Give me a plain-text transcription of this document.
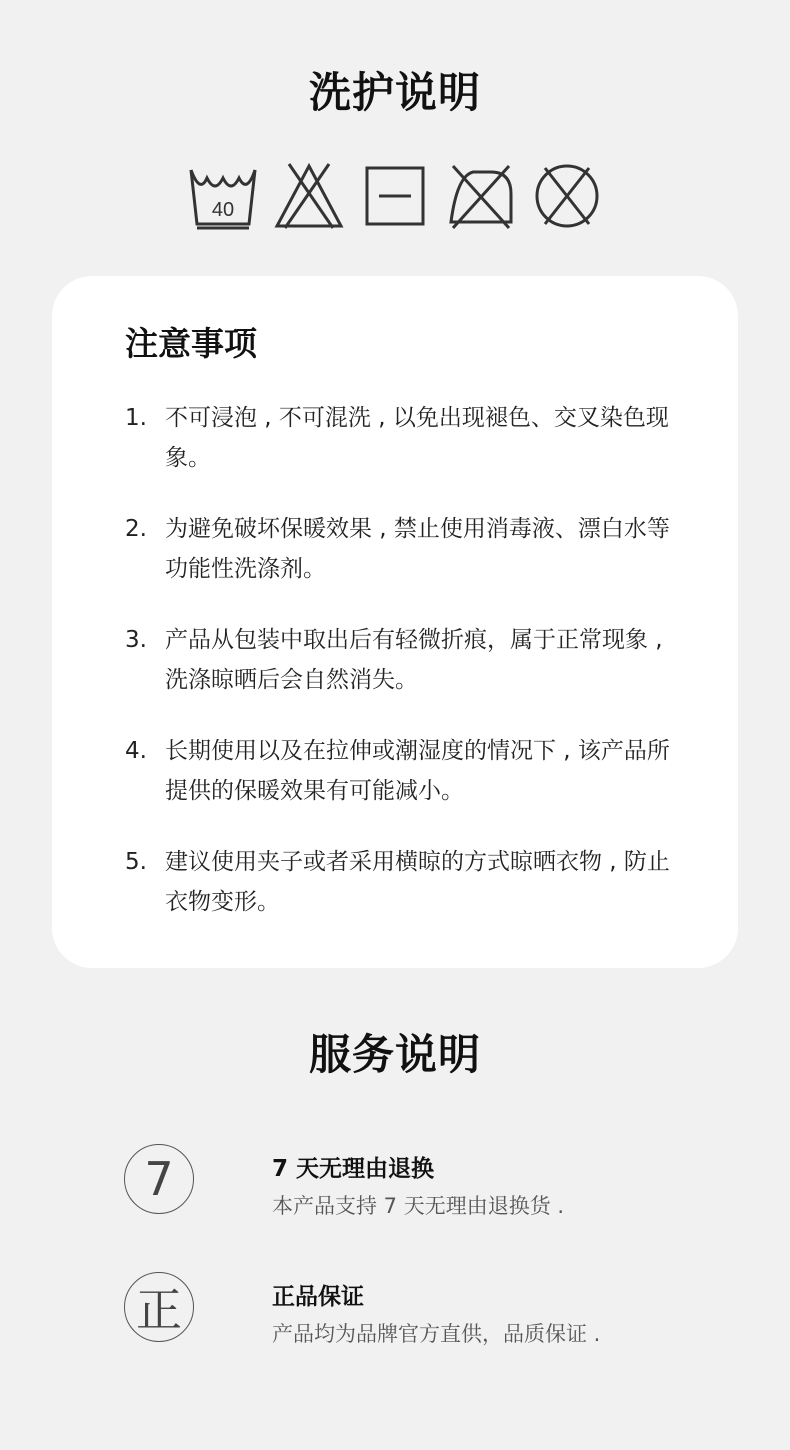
洗护说明
40
注意事项
1. 不可浸泡 , 不可混洗 , 以免出现褪色、交叉染色现象。
2. 为避免破坏保暖效果 , 禁止使用消毒液、漂白水等功能性洗涤剂。
3. 产品从包装中取出后有轻微折痕，属于正常现象 , 洗涤晾晒后会自然消失。
4. 长期使用以及在拉伸或潮湿度的情况下 , 该产品所提供的保暖效果有可能减小。
5. 建议使用夹子或者采用横晾的方式晾晒衣物 , 防止衣物变形。
服务说明
7	7 天无理由退换
本产品支持 7 天无理由退换货 .
正	正品保证
产品均为品牌官方直供，品质保证 .
